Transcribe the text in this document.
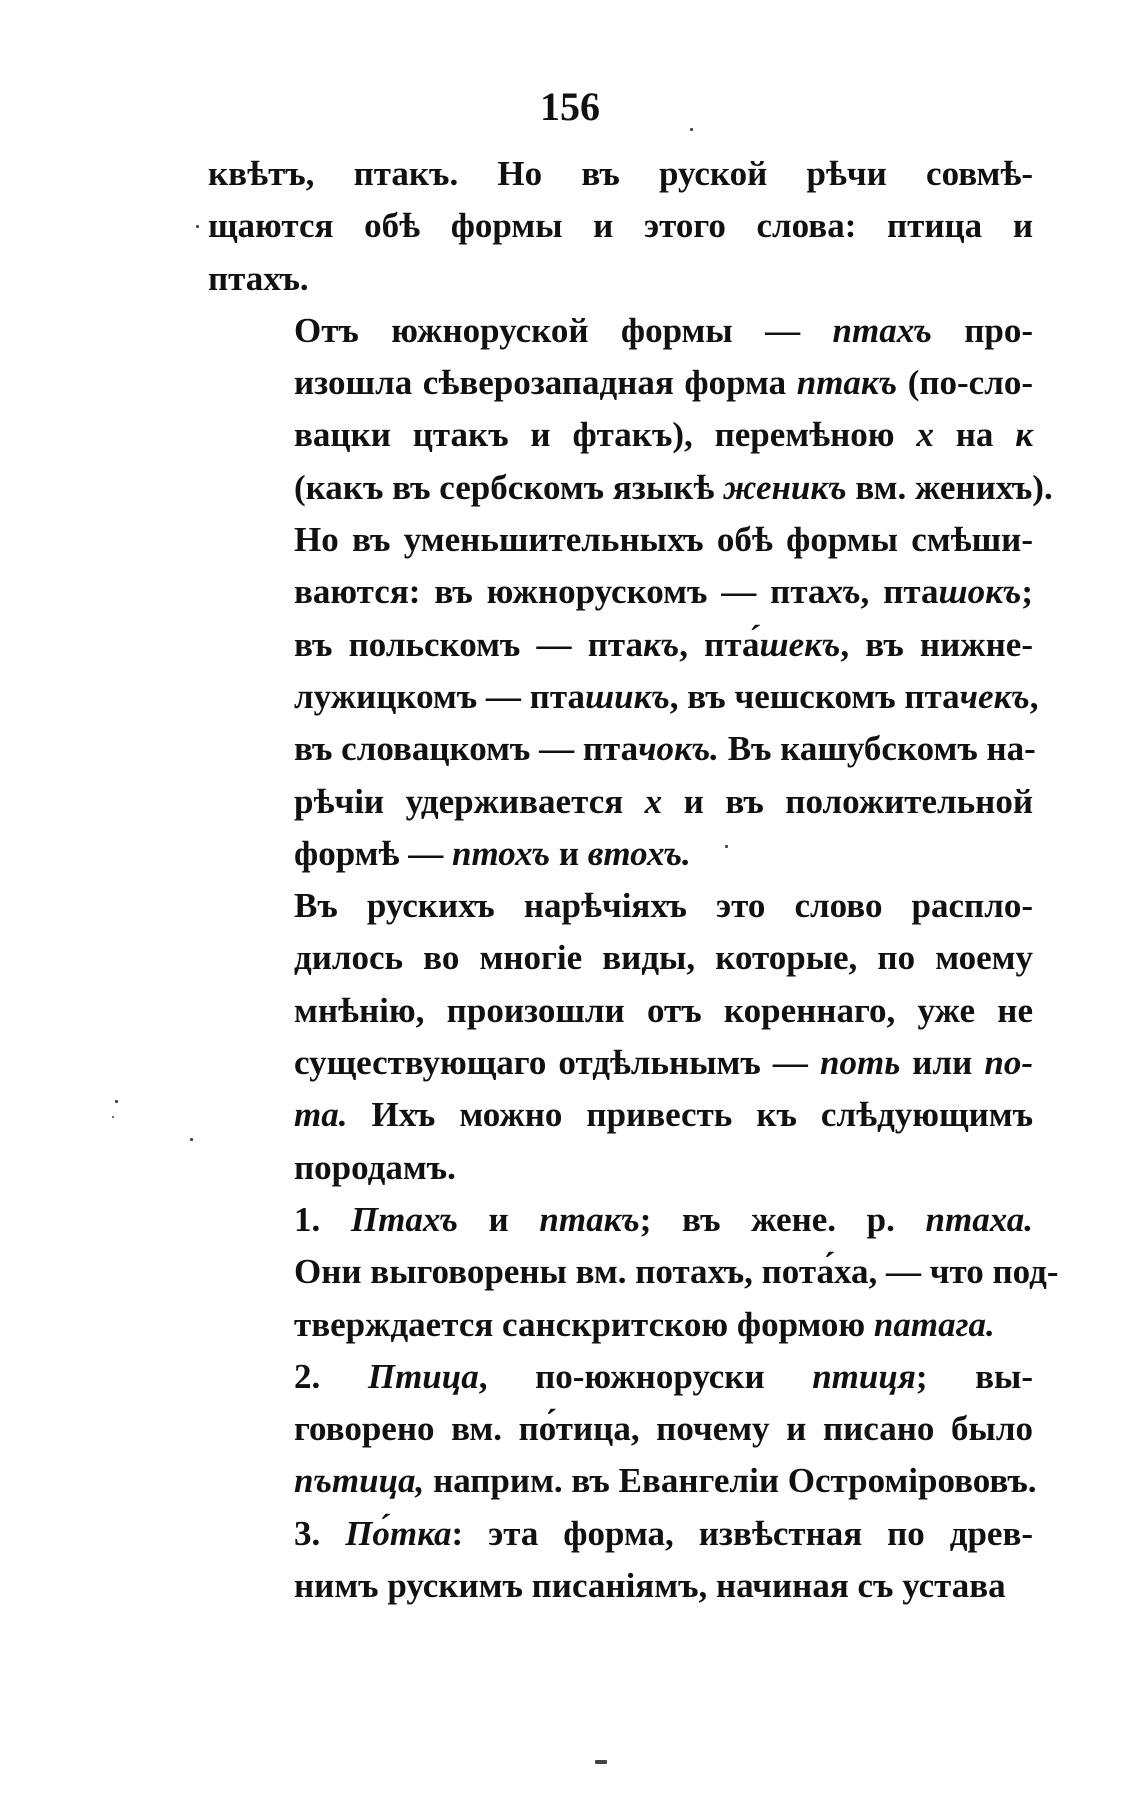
156
квѣтъ, птакъ. Но въ руской рѣчи совмѣ-
щаются обѣ формы и этого слова: птица и
птахъ.
Отъ южноруской формы — птахъ про-
изошла сѣверозападная форма птакъ (по-сло-
вацки цтакъ и фтакъ), перемѣною х на к
(какъ въ сербскомъ языкѣ женикъ вм. женихъ).
Но въ уменьшительныхъ обѣ формы смѣши-
ваются: въ южнорускомъ — птахъ, пташокъ;
въ польскомъ — птакъ, пта́шекъ, въ нижне-
лужицкомъ — пташикъ, въ чешскомъ птачекъ,
въ словацкомъ — птачокъ. Въ кашубскомъ на-
рѣчіи удерживается х и въ положительной
формѣ — птохъ и втохъ.
Въ рускихъ нарѣчіяхъ это слово распло-
дилось во многіе виды, которые, по моему
мнѣнію, произошли отъ кореннаго, уже не
существующаго отдѣльнымъ — поть или по-
та. Ихъ можно привесть къ слѣдующимъ
породамъ.
1. Птахъ и птакъ; въ жене. р. птаха.
Они выговорены вм. потахъ, пота́ха, — что под-
тверждается санскритскою формою патага.
2. Птица, по-южноруски птиця; вы-
говорено вм. по́тица, почему и писано было
пътица, наприм. въ Евангеліи Остромірововъ.
3. По́тка: эта форма, извѣстная по древ-
нимъ рускимъ писаніямъ, начиная съ устава
